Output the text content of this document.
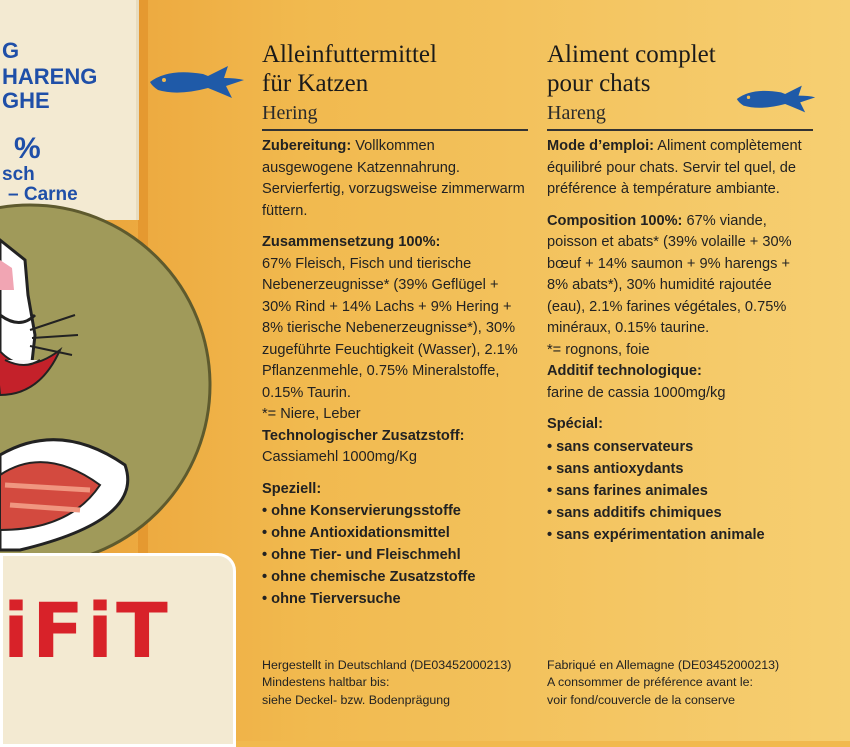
G
HARENG
GHE
%
sch
– Carne
iFiT
Alleinfuttermittel
für Katzen
Hering

Zubereitung: Vollkommen ausgewogene Katzennahrung. Servierfertig, vorzugsweise zimmerwarm füttern.

Zusammensetzung 100%:

67% Fleisch, Fisch und tierische Nebenerzeugnisse* (39% Geflügel + 30% Rind + 14% Lachs + 9% Hering + 8% tierische Nebenerzeugnisse*), 30% zugeführte Feuchtigkeit (Wasser), 2.1% Pflanzenmehle, 0.75% Mineralstoffe, 0.15% Taurin.

*= Niere, Leber

Technologischer Zusatzstoff:

Cassiamehl 1000mg/Kg

Speziell:

• ohne Konservierungsstoffe
• ohne Antioxidationsmittel
• ohne Tier- und Fleischmehl
• ohne chemische Zusatzstoffe
• ohne Tierversuche
Aliment complet
pour chats
Hareng

Mode d’emploi: Aliment complètement équilibré pour chats. Servir tel quel, de préférence à température ambiante.

Composition 100%: 67% viande, poisson et abats* (39% volaille + 30% bœuf + 14% saumon + 9% harengs + 8% abats*), 30% humidité rajoutée (eau), 2.1% farines végétales, 0.75% minéraux, 0.15% taurine.

*= rognons, foie

Additif technologique:

farine de cassia 1000mg/kg

Spécial:

• sans conservateurs
• sans antioxydants
• sans farines animales
• sans additifs chimiques
• sans expérimentation animale
Hergestellt in Deutschland (DE03452000213)
Mindestens haltbar bis:
siehe Deckel- bzw. Bodenprägung
Fabriqué en Allemagne (DE03452000213)
A consommer de préférence avant le:
voir fond/couvercle de la conserve
